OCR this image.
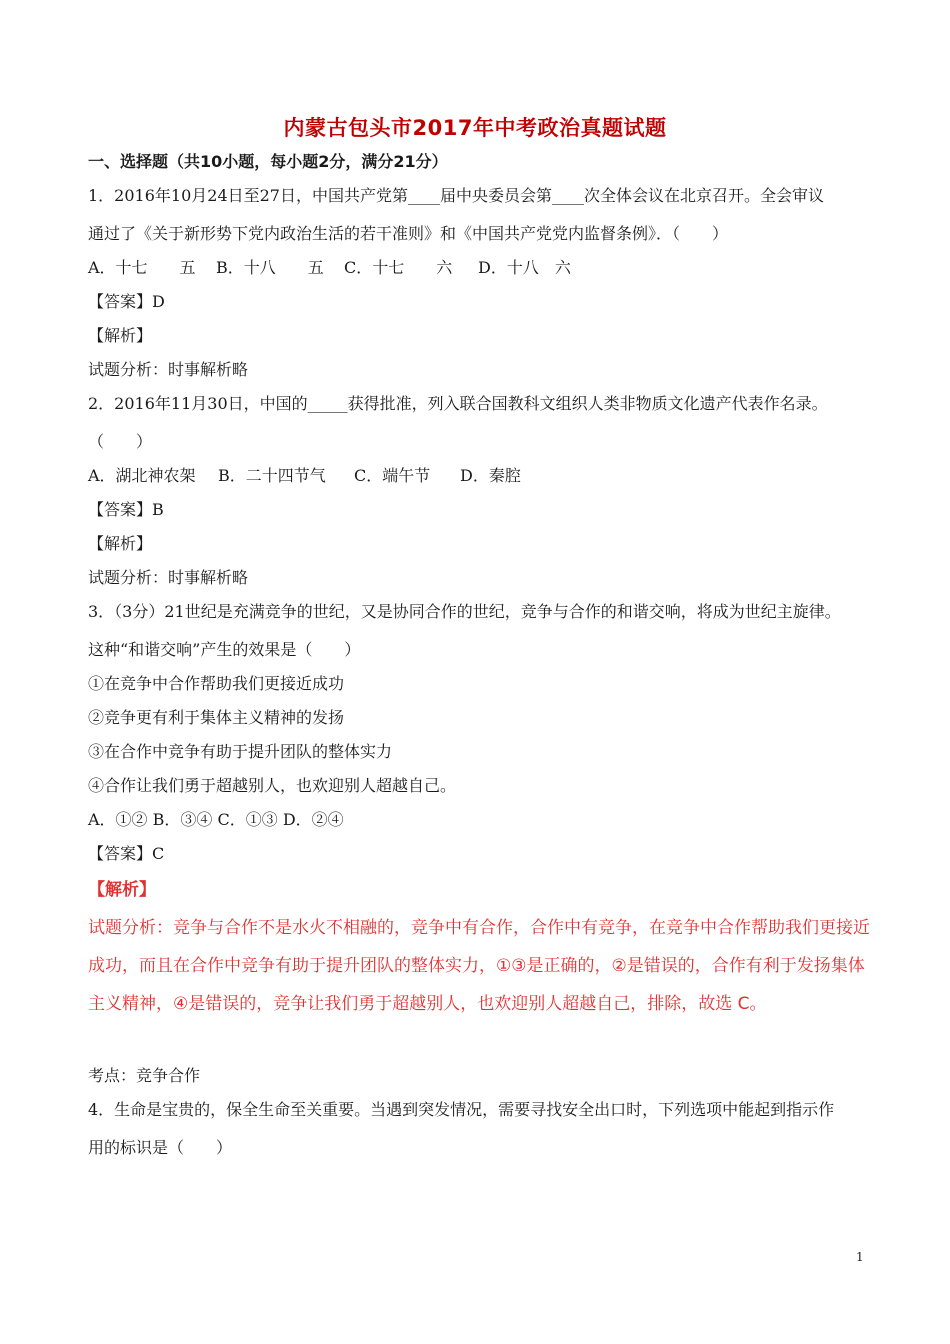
内蒙古包头市2017年中考政治真题试题
一、选择题（共10小题，每小题2分，满分21分）
1．2016年10月24日至27日，中国共产党第____届中央委员会第____次全体会议在北京召开。全会审议
通过了《关于新形势下党内政治生活的若干准则》和《中国共产党党内监督条例》．（　　）
A．十七　　五 B．十八　　五 C．十七　　六 D．十八　六
【答案】D
【解析】
试题分析：时事解析略
2．2016年11月30日，中国的_____获得批准，列入联合国教科文组织人类非物质文化遗产代表作名录。
（　　）
A．湖北神农架 B．二十四节气 C．端午节 D．秦腔
【答案】B
【解析】
试题分析：时事解析略
3．（3分）21世纪是充满竞争的世纪，又是协同合作的世纪，竞争与合作的和谐交响，将成为世纪主旋律。
这种“和谐交响”产生的效果是（　　）
①在竞争中合作帮助我们更接近成功
②竞争更有利于集体主义精神的发扬
③在合作中竞争有助于提升团队的整体实力
④合作让我们勇于超越别人，也欢迎别人超越自己。
A．①② B．③④ C．①③ D．②④
【答案】C
【解析】
试题分析：竞争与合作不是水火不相融的，竞争中有合作，合作中有竞争，在竞争中合作帮助我们更接近
成功，而且在合作中竞争有助于提升团队的整体实力，①③是正确的，②是错误的，合作有利于发扬集体
主义精神，④是错误的，竞争让我们勇于超越别人，也欢迎别人超越自己，排除，故选 C。
考点：竞争合作
4．生命是宝贵的，保全生命至关重要。当遇到突发情况，需要寻找安全出口时，下列选项中能起到指示作
用的标识是（　　）
1
